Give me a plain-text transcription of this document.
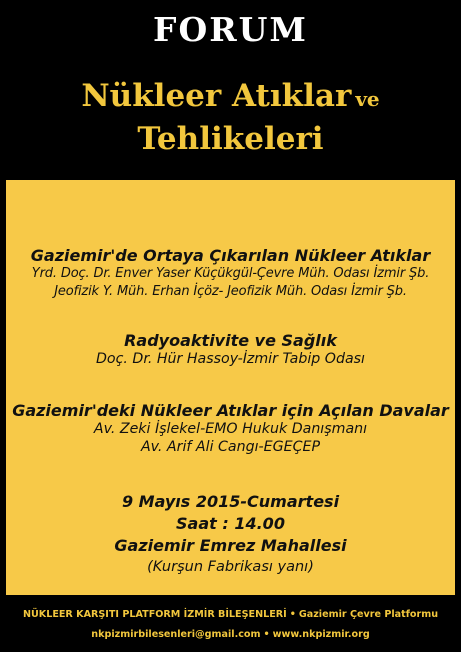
FORUM
Nükleer Atıklar ve
Tehlikeleri
Gaziemir'de Ortaya Çıkarılan Nükleer Atıklar
Yrd. Doç. Dr. Enver Yaser Küçükgül-Çevre Müh. Odası İzmir Şb.
Jeofizik Y. Müh. Erhan İçöz- Jeofizik Müh. Odası İzmir Şb.
Radyoaktivite ve Sağlık
Doç. Dr. Hür Hassoy-İzmir Tabip Odası
Gaziemir'deki Nükleer Atıklar için Açılan Davalar
Av. Zeki İşlekel-EMO Hukuk Danışmanı
Av. Arif Ali Cangı-EGEÇEP
9 Mayıs 2015-Cumartesi
Saat : 14.00
Gaziemir Emrez Mahallesi
(Kurşun Fabrikası yanı)
NÜKLEER KARŞITI PLATFORM İZMİR BİLEŞENLERİ • Gaziemir Çevre Platformu
nkpizmirbilesenleri@gmail.com • www.nkpizmir.org
